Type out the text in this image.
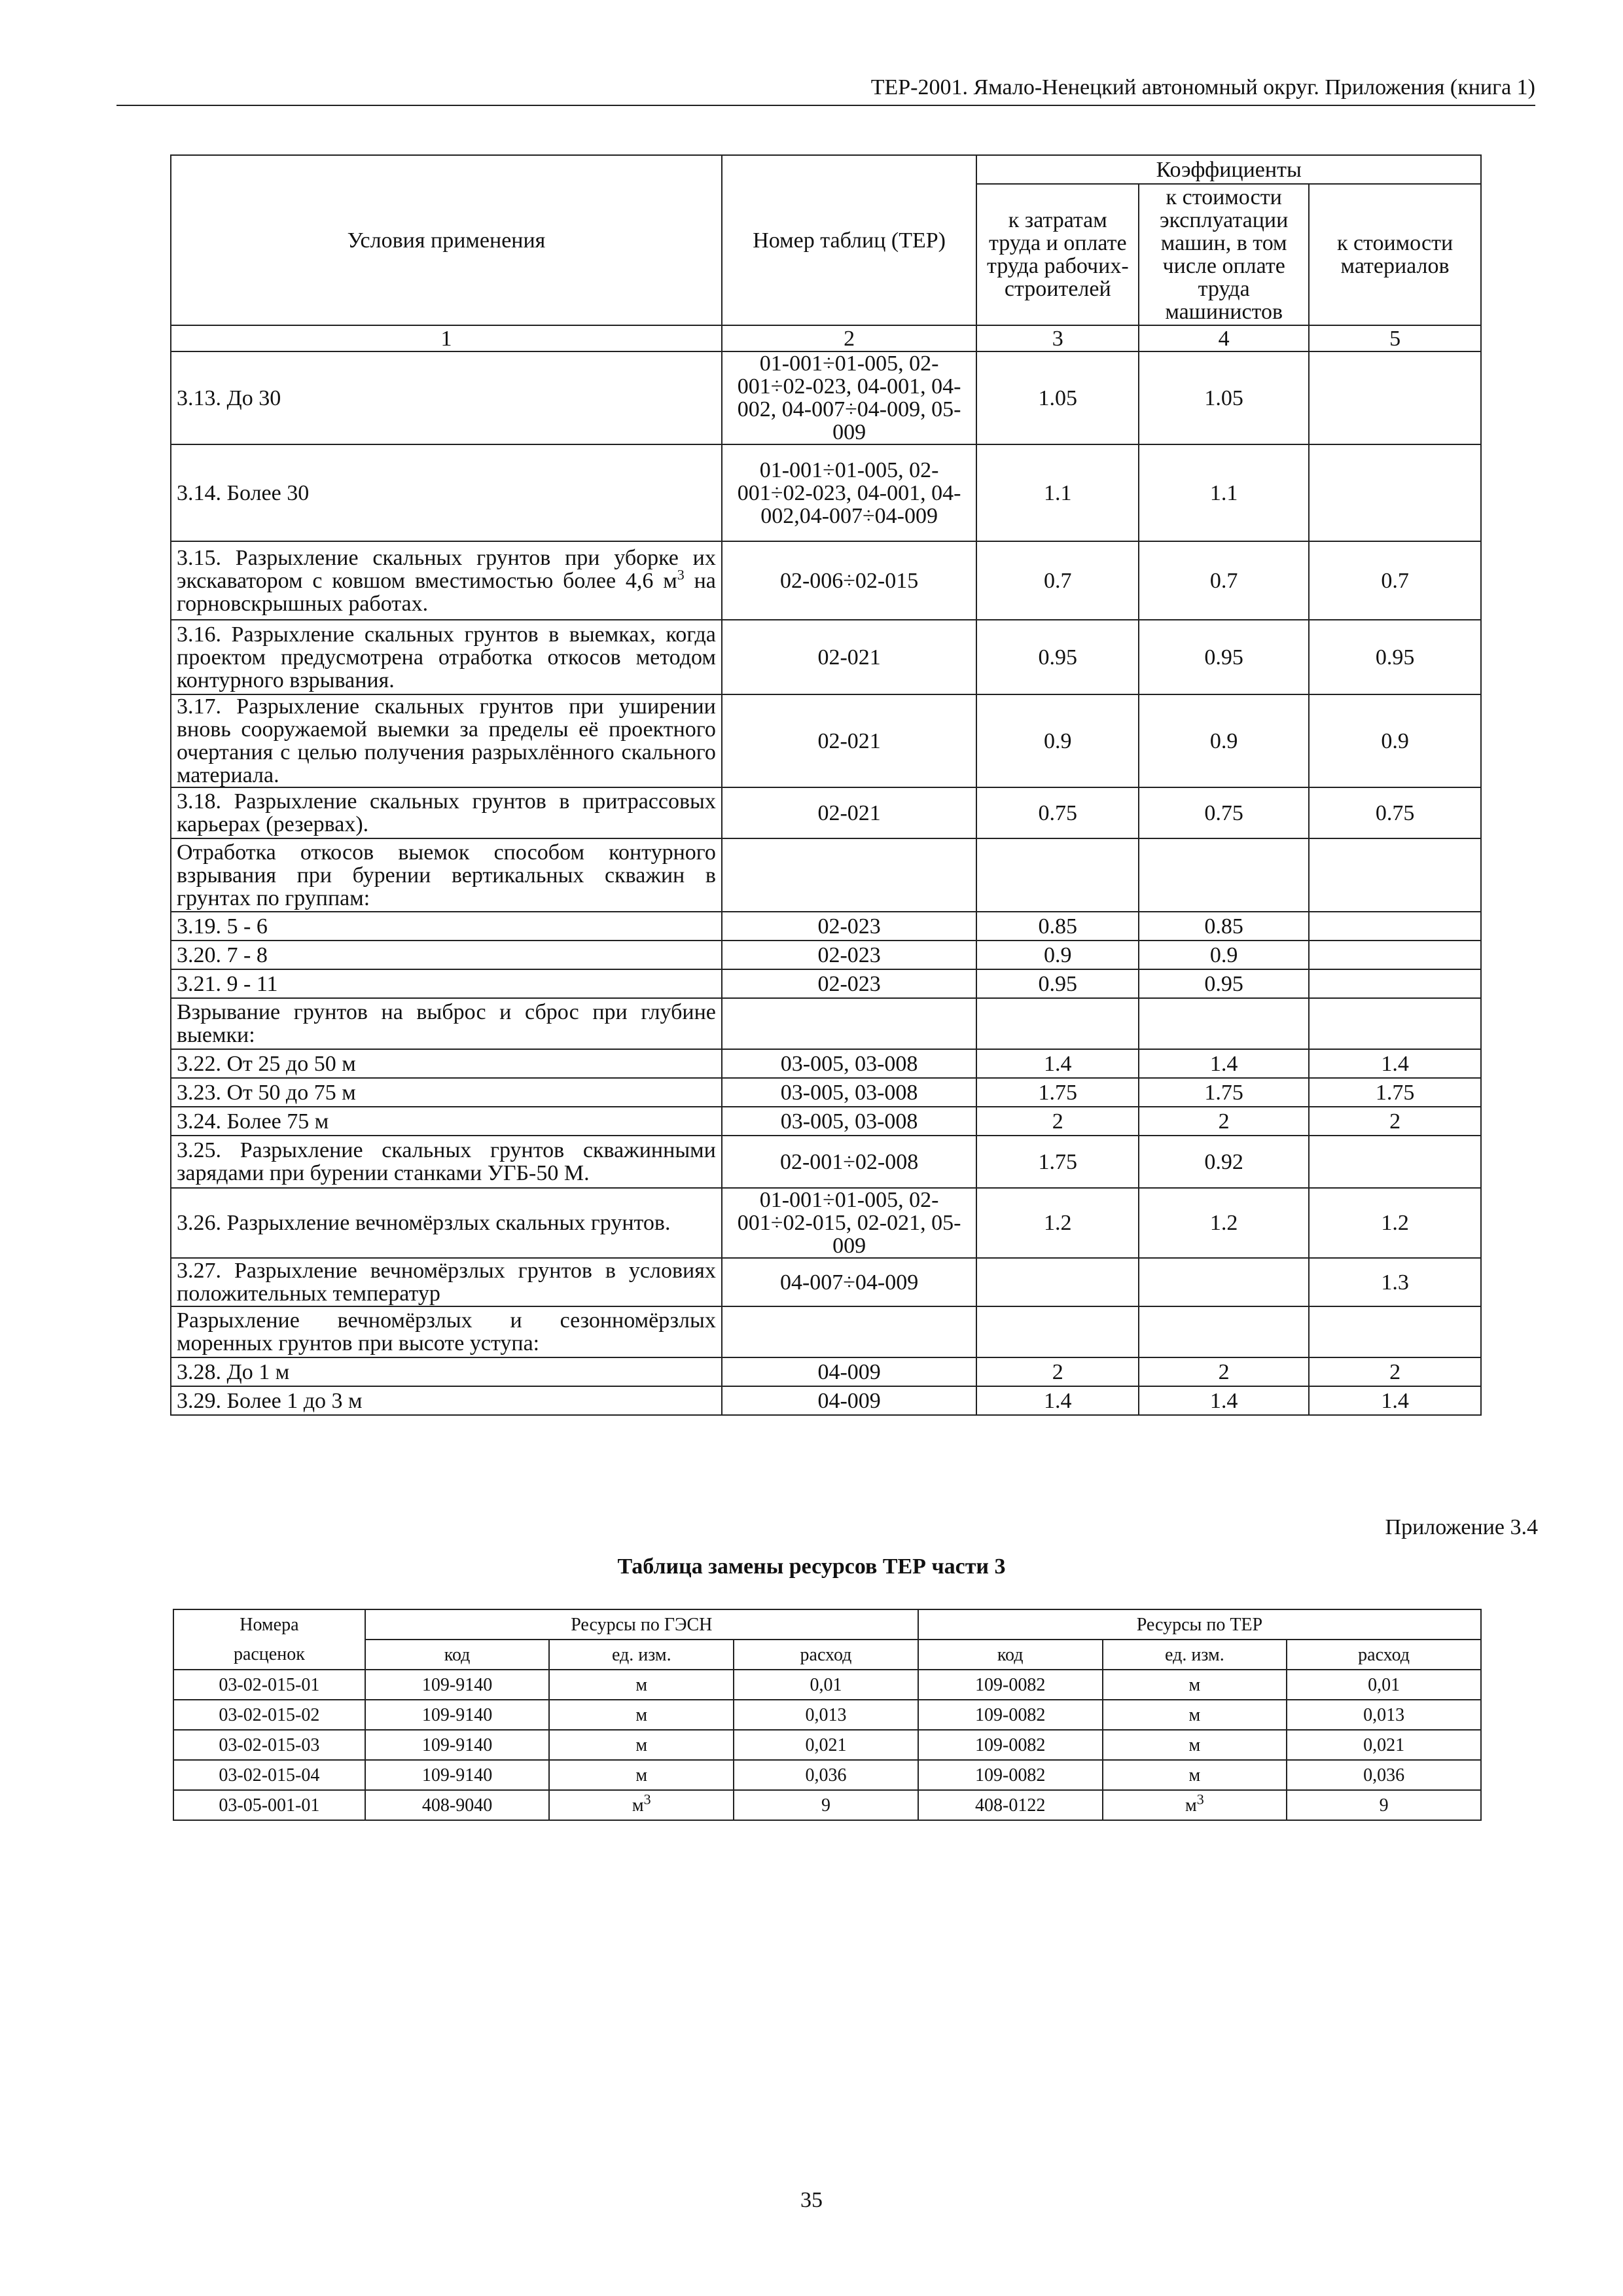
ТЕР-2001. Ямало-Ненецкий автономный округ. Приложения (книга 1)
Условия применения	Номер таблиц (ТЕР)	Коэффициенты		
		к затратам труда и оплате труда рабочих-строителей	к стоимости эксплуатации машин, в том числе оплате труда машинистов	к стоимости материалов
1	2	3	4	5
3.13. До 30	01-001÷01-005, 02-001÷02-023, 04-001, 04-002, 04-007÷04-009, 05-009	1.05	1.05	
3.14. Более 30	01-001÷01-005, 02-001÷02-023, 04-001, 04-002,04-007÷04-009	1.1	1.1	
3.15. Разрыхление скальных грунтов при уборке их экскаватором с ковшом вместимостью более 4,6 $м^3$ на горновскрышных работах.	02-006÷02-015	0.7	0.7	0.7
3.16. Разрыхление скальных грунтов в выемках, когда проектом предусмотрена отработка откосов методом контурного взрывания.	02-021	0.95	0.95	0.95
3.17. Разрыхление скальных грунтов при уширении вновь сооружаемой выемки за пределы её проектного очертания с целью получения разрыхлённого скального материала.	02-021	0.9	0.9	0.9
3.18. Разрыхление скальных грунтов в притрассовых карьерах (резервах).	02-021	0.75	0.75	0.75
Отработка откосов выемок способом контурного взрывания при бурении вертикальных скважин в грунтах по группам:				
3.19. 5 - 6	02-023	0.85	0.85	
3.20. 7 - 8	02-023	0.9	0.9	
3.21. 9 - 11	02-023	0.95	0.95	
Взрывание грунтов на выброс и сброс при глубине выемки:				
3.22. От 25 до 50 м	03-005, 03-008	1.4	1.4	1.4
3.23. От 50 до 75 м	03-005, 03-008	1.75	1.75	1.75
3.24. Более 75 м	03-005, 03-008	2	2	2
3.25. Разрыхление скальных грунтов скважинными зарядами при бурении станками УГБ-50 М.	02-001÷02-008	1.75	0.92	
3.26. Разрыхление вечномёрзлых скальных грунтов.	01-001÷01-005, 02-001÷02-015, 02-021, 05-009	1.2	1.2	1.2
3.27. Разрыхление вечномёрзлых грунтов в условиях положительных температур	04-007÷04-009			1.3
Разрыхление вечномёрзлых и сезонномёрзлых моренных грунтов при высоте уступа:				
3.28. До 1 м	04-009	2	2	2
3.29. Более 1 до 3 м	04-009	1.4	1.4	1.4
Приложение 3.4
Таблица замены ресурсов ТЕР части 3
Номера	Ресурсы по ГЭСН			Ресурсы по ТЕР		
расценок	код	ед. изм.	расход	код	ед. изм.	расход
03-02-015-01	109-9140	м	0,01	109-0082	м	0,01
03-02-015-02	109-9140	м	0,013	109-0082	м	0,013
03-02-015-03	109-9140	м	0,021	109-0082	м	0,021
03-02-015-04	109-9140	м	0,036	109-0082	м	0,036
03-05-001-01	408-9040	$м^3$	9	408-0122	$м^3$	9
35
